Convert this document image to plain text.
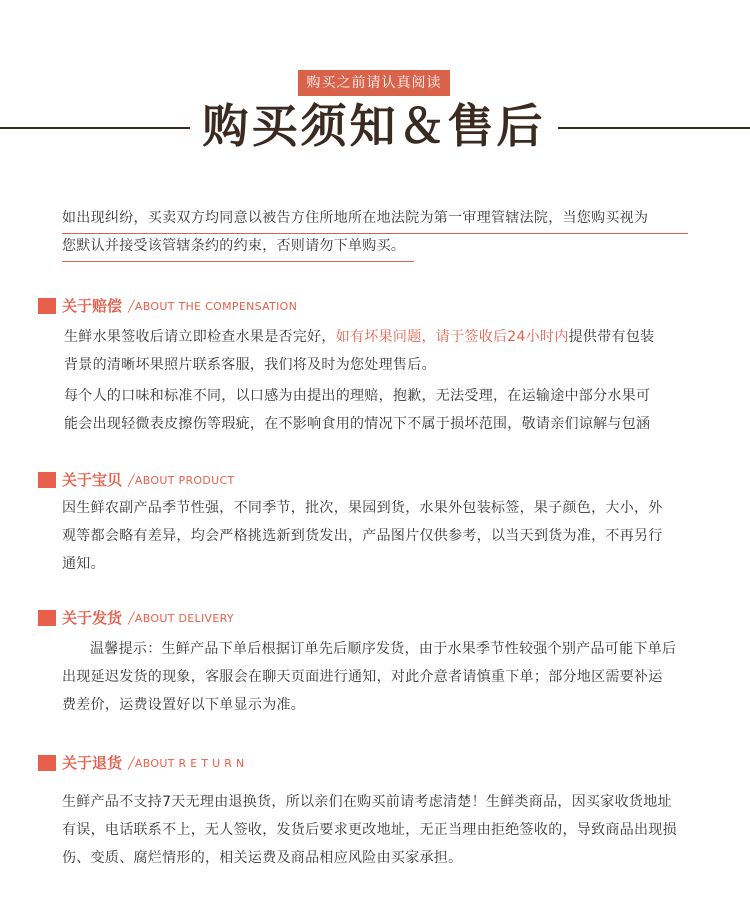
购买之前请认真阅读
购买须知＆售后
如出现纠纷，买卖双方均同意以被告方住所地所在地法院为第一审理管辖法院，当您购买视为
您默认并接受该管辖条约的约束，否则请勿下单购买。
关于赔偿 ╱ABOUT THE COMPENSATION
生鲜水果签收后请立即检查水果是否完好，如有坏果问题，请于签收后24小时内提供带有包装
背景的清晰坏果照片联系客服，我们将及时为您处理售后。
每个人的口味和标准不同，以口感为由提出的理赔，抱歉，无法受理，在运输途中部分水果可
能会出现轻微表皮擦伤等瑕疵，在不影响食用的情况下不属于损坏范围，敬请亲们谅解与包涵
关于宝贝 ╱ABOUT PRODUCT
因生鲜农副产品季节性强，不同季节，批次，果园到货，水果外包装标签，果子颜色，大小，外
观等都会略有差异，均会严格挑选新到货发出，产品图片仅供参考，以当天到货为准，不再另行
通知。
关于发货 ╱ABOUT DELIVERY
温馨提示：生鲜产品下单后根据订单先后顺序发货，由于水果季节性较强个别产品可能下单后
出现延迟发货的现象，客服会在聊天页面进行通知，对此介意者请慎重下单；部分地区需要补运
费差价，运费设置好以下单显示为准。
关于退货 ╱ABOUT R E T U R N
生鲜产品不支持7天无理由退换货，所以亲们在购买前请考虑清楚！生鲜类商品，因买家收货地址
有误，电话联系不上，无人签收，发货后要求更改地址，无正当理由拒绝签收的，导致商品出现损
伤、变质、腐烂情形的，相关运费及商品相应风险由买家承担。
